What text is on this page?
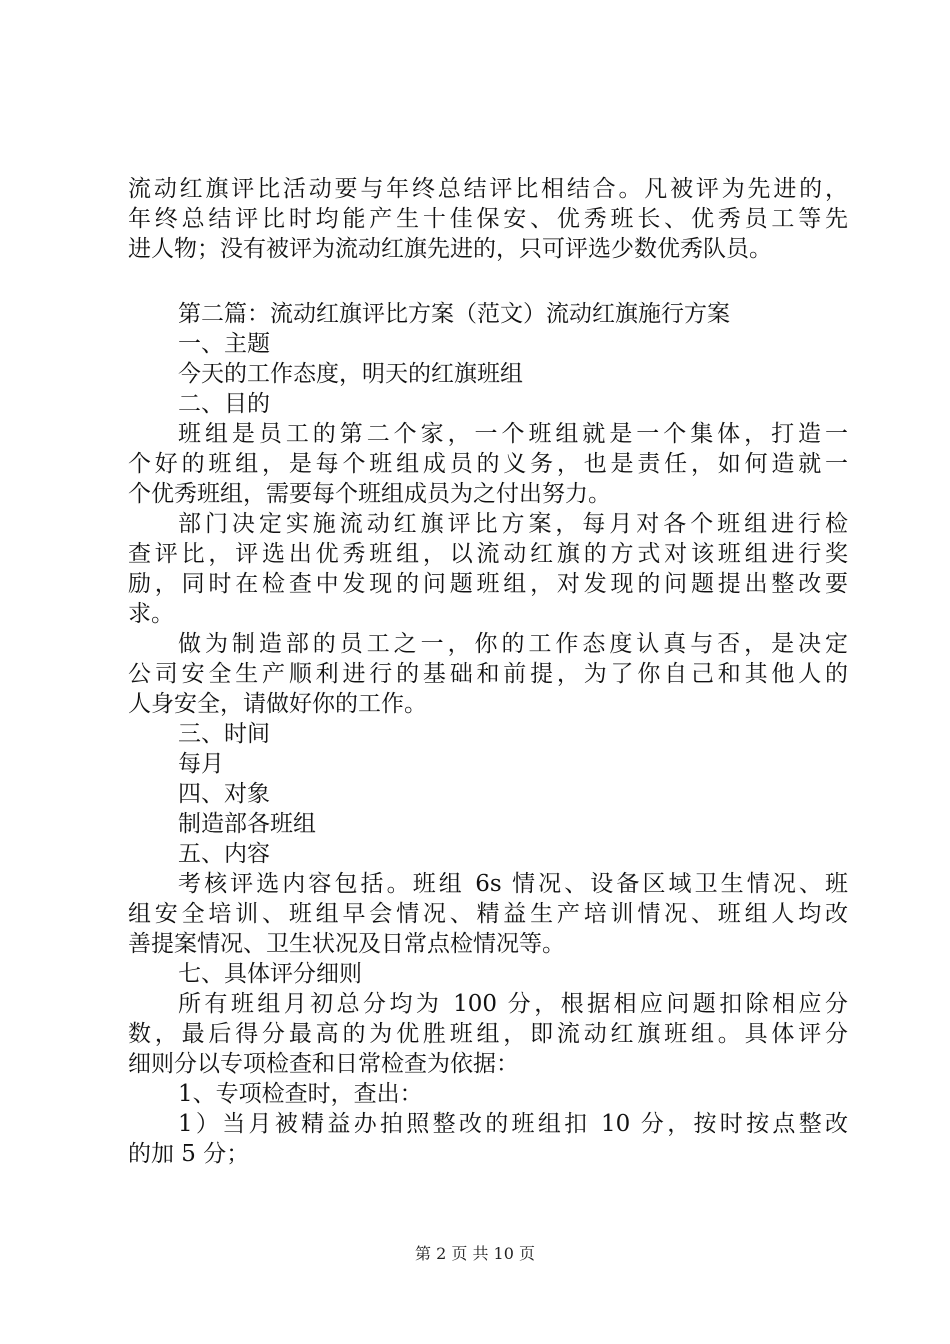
流动红旗评比活动要与年终总结评比相结合。凡被评为先进的，
年终总结评比时均能产生十佳保安、优秀班长、优秀员工等先
进人物；没有被评为流动红旗先进的，只可评选少数优秀队员。
第二篇：流动红旗评比方案（范文）流动红旗施行方案
一、主题
今天的工作态度，明天的红旗班组
二、目的
班组是员工的第二个家，一个班组就是一个集体，打造一
个好的班组，是每个班组成员的义务，也是责任，如何造就一
个优秀班组，需要每个班组成员为之付出努力。
部门决定实施流动红旗评比方案，每月对各个班组进行检
查评比，评选出优秀班组，以流动红旗的方式对该班组进行奖
励，同时在检查中发现的问题班组，对发现的问题提出整改要
求。
做为制造部的员工之一，你的工作态度认真与否，是决定
公司安全生产顺利进行的基础和前提，为了你自己和其他人的
人身安全，请做好你的工作。
三、时间
每月
四、对象
制造部各班组
五、内容
考核评选内容包括。班组 6s 情况、设备区域卫生情况、班
组安全培训、班组早会情况、精益生产培训情况、班组人均改
善提案情况、卫生状况及日常点检情况等。
七、具体评分细则
所有班组月初总分均为 100 分，根据相应问题扣除相应分
数，最后得分最高的为优胜班组，即流动红旗班组。具体评分
细则分以专项检查和日常检查为依据：
1、专项检查时，查出：
1）当月被精益办拍照整改的班组扣 10 分，按时按点整改
的加 5 分；
第 2 页 共 10 页
